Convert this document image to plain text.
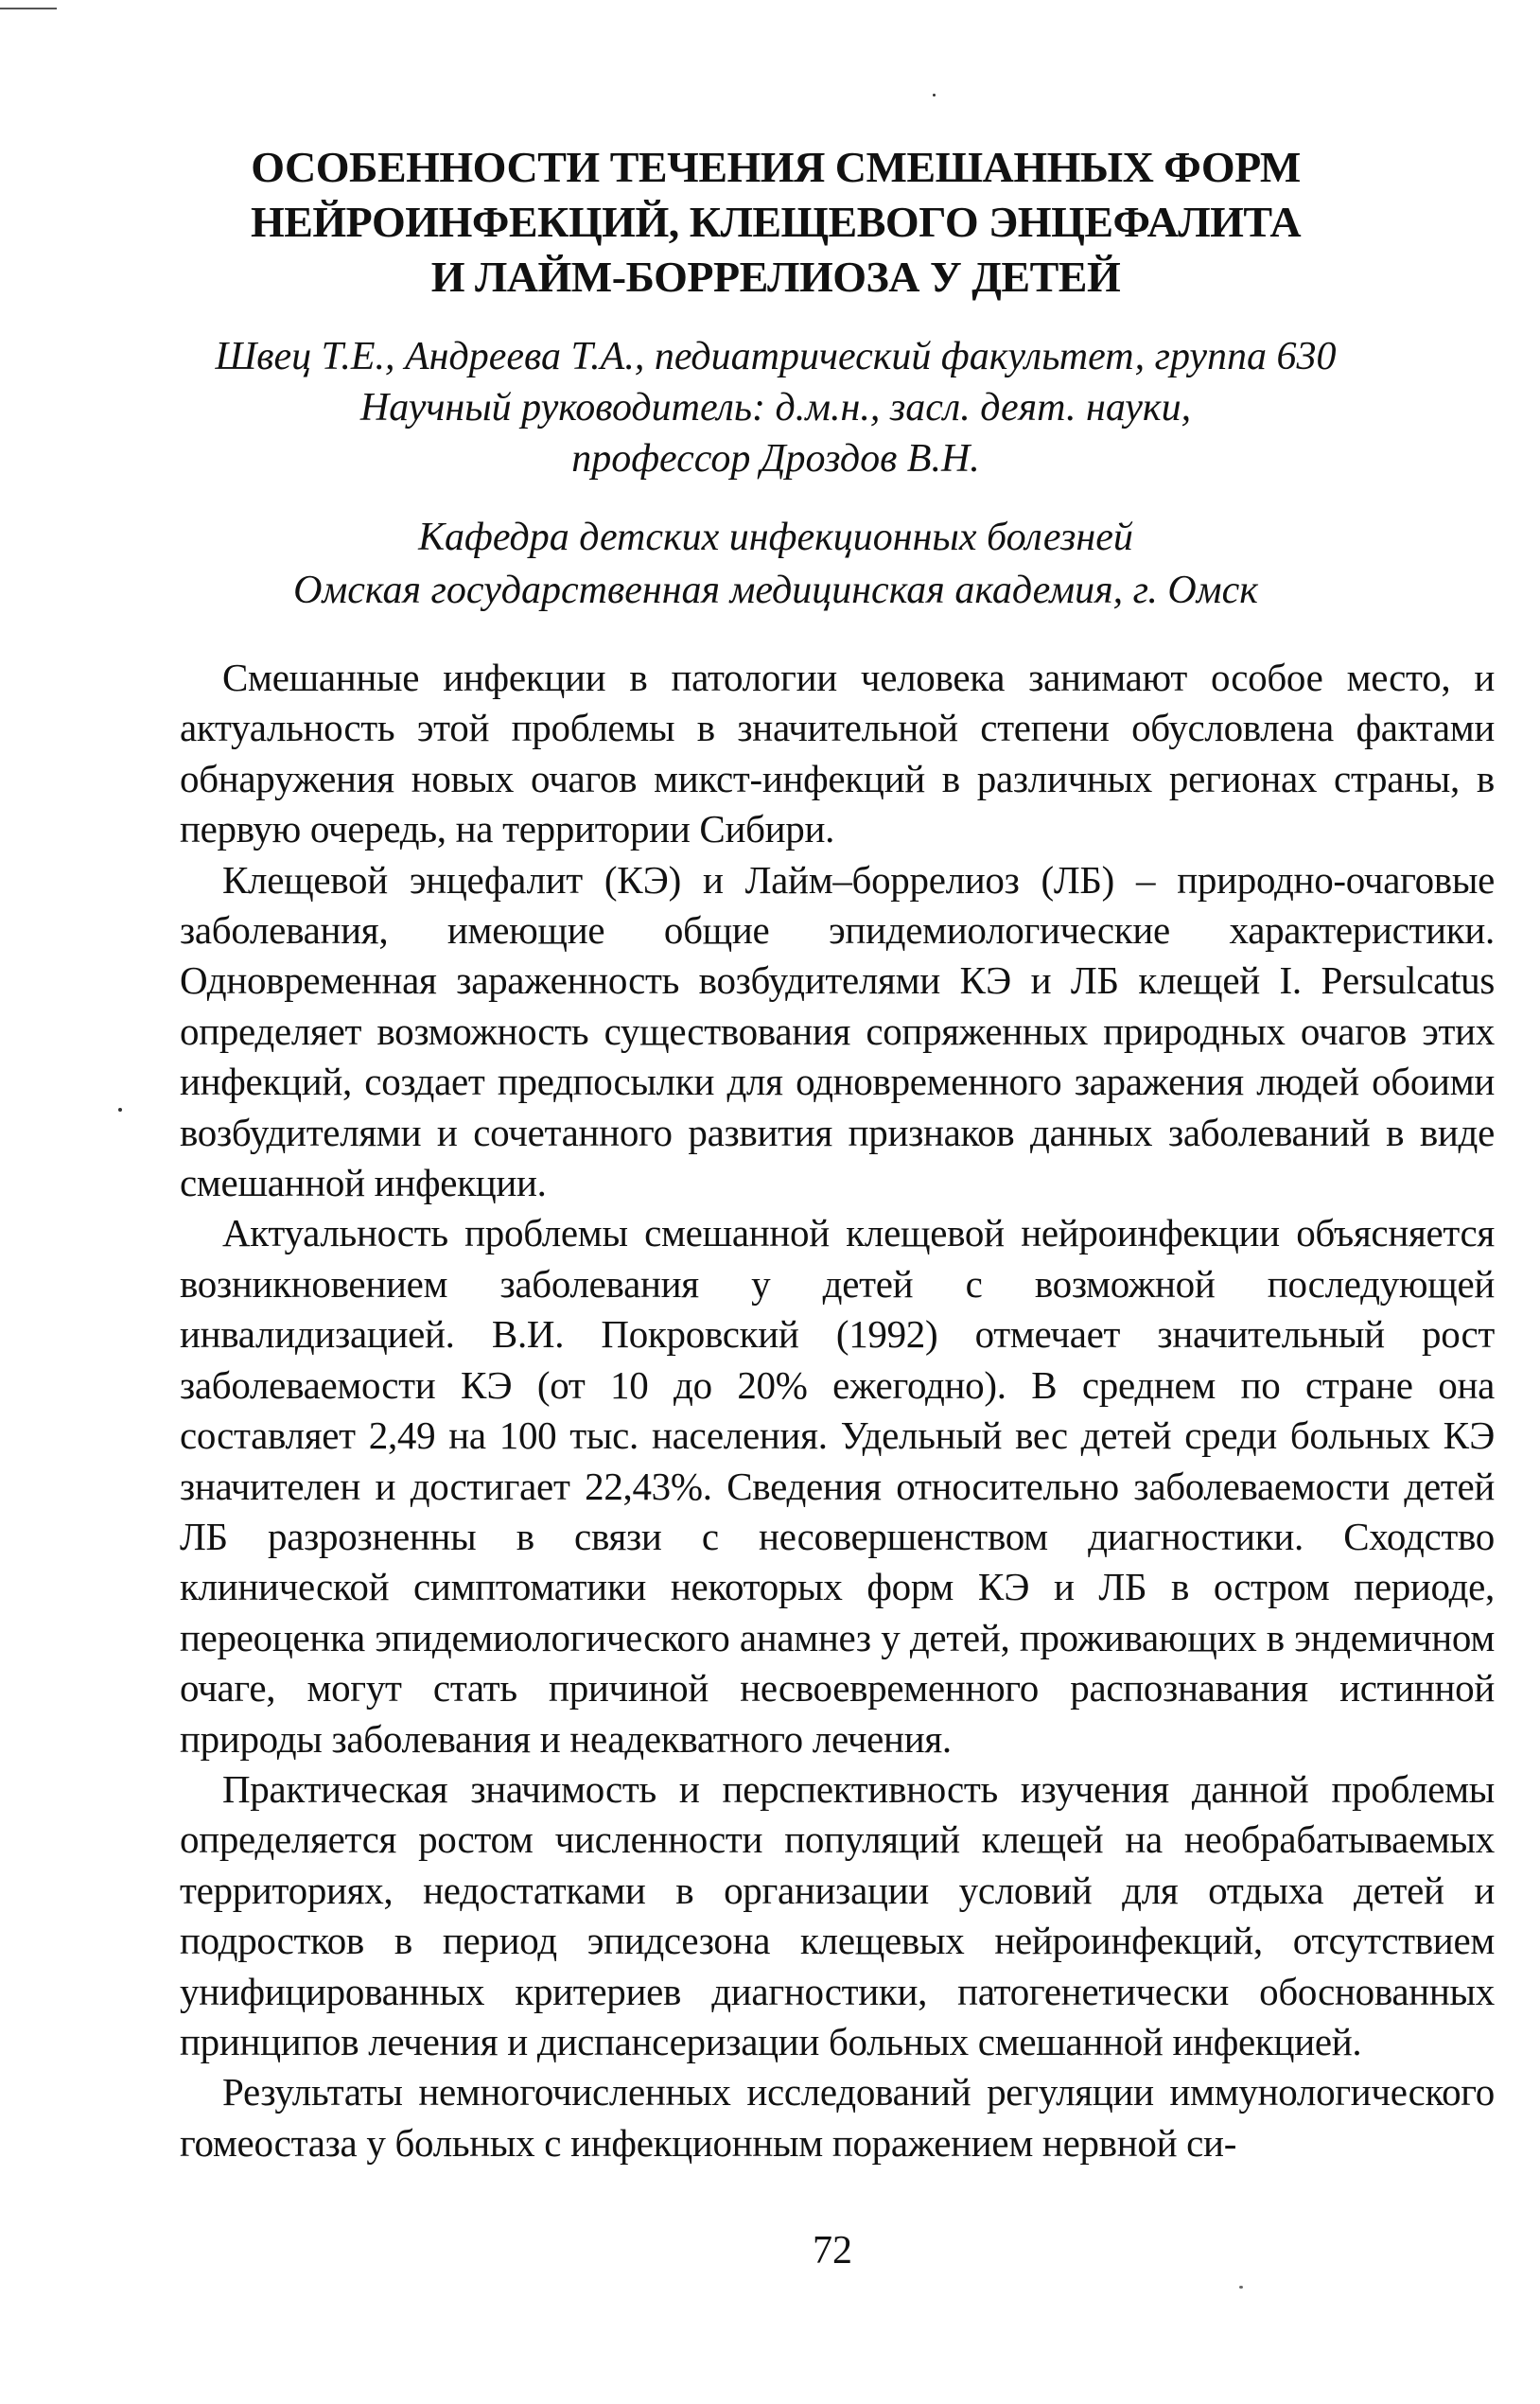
ОСОБЕННОСТИ ТЕЧЕНИЯ СМЕШАННЫХ ФОРМ
НЕЙРОИНФЕКЦИЙ, КЛЕЩЕВОГО ЭНЦЕФАЛИТА
И ЛАЙМ-БОРРЕЛИОЗА У ДЕТЕЙ
Швец Т.Е., Андреева Т.А., педиатрический факультет, группа 630
Научный руководитель: д.м.н., засл. деят. науки,
профессор Дроздов В.Н.
Кафедра детских инфекционных болезней
Омская государственная медицинская академия, г. Омск

Смешанные инфекции в патологии человека занимают особое место, и актуальность этой проблемы в значительной степени обусловлена фактами обнаружения новых очагов микст-инфекций в различных регионах страны, в первую очередь, на территории Сибири.

Клещевой энцефалит (КЭ) и Лайм–боррелиоз (ЛБ) – природно-очаговые заболевания, имеющие общие эпидемиологические характеристики. Одновременная зараженность возбудителями КЭ и ЛБ клещей I. Persulcatus определяет возможность существования сопряженных природных очагов этих инфекций, создает предпосылки для одновременного заражения людей обоими возбудителями и сочетанного развития признаков данных заболеваний в виде смешанной инфекции.

Актуальность проблемы смешанной клещевой нейроинфекции объясняется возникновением заболевания у детей с возможной последующей инвалидизацией. В.И. Покровский (1992) отмечает значительный рост заболеваемости КЭ (от 10 до 20% ежегодно). В среднем по стране она составляет 2,49 на 100 тыс. населения. Удельный вес детей среди больных КЭ значителен и достигает 22,43%. Сведения относительно заболеваемости детей ЛБ разрозненны в связи с несовершенством диагностики. Сходство клинической симптоматики некоторых форм КЭ и ЛБ в остром периоде, переоценка эпидемиологического анамнез у детей, проживающих в эндемичном очаге, могут стать причиной несвоевременного распознавания истинной природы заболевания и неадекватного лечения.

Практическая значимость и перспективность изучения данной проблемы определяется ростом численности популяций клещей на необрабатываемых территориях, недостатками в организации условий для отдыха детей и подростков в период эпидсезона клещевых нейроинфекций, отсутствием унифицированных критериев диагностики, патогенетически обоснованных принципов лечения и диспансеризации больных смешанной инфекцией.

Результаты немногочисленных исследований регуляции иммунологического гомеостаза у больных с инфекционным поражением нервной си-

72
